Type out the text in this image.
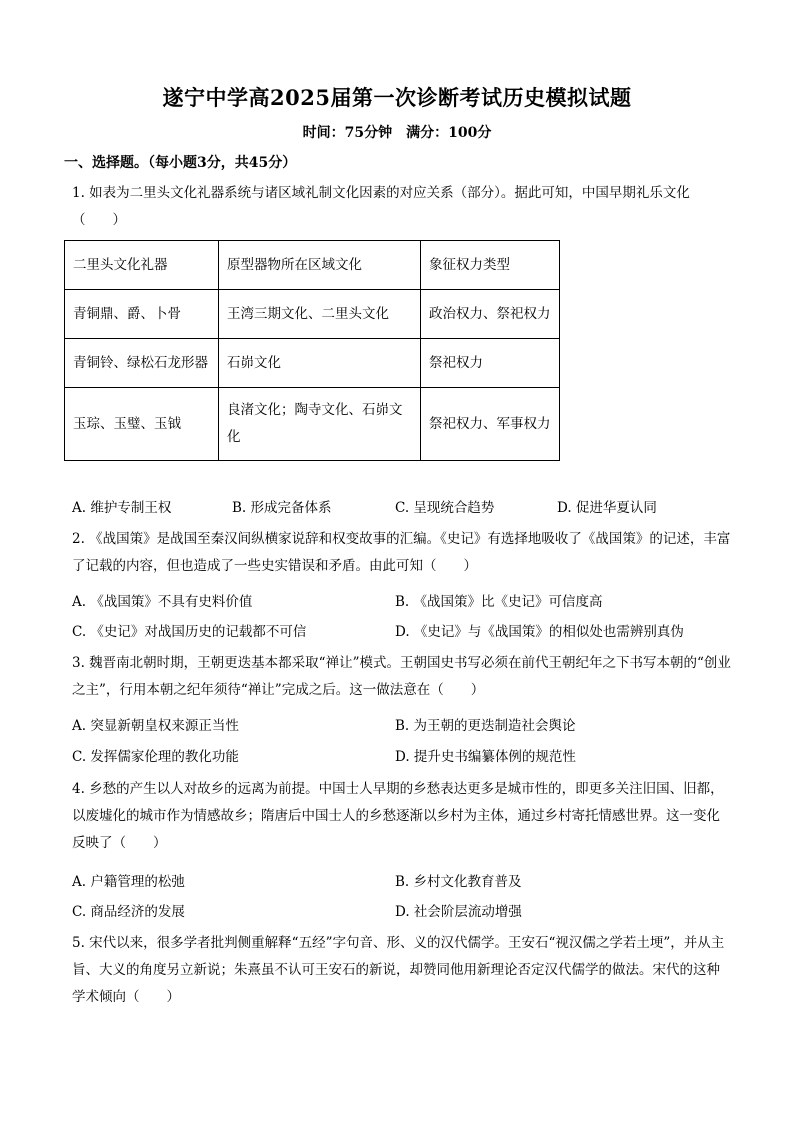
遂宁中学高2025届第一次诊断考试历史模拟试题
时间：75分钟　满分：100分
一、选择题。（每小题3分，共45分）
1. 如表为二里头文化礼器系统与诸区域礼制文化因素的对应关系（部分）。据此可知，中国早期礼乐文化（　　）
二里头文化礼器	原型器物所在区域文化	象征权力类型
青铜鼎、爵、卜骨	王湾三期文化、二里头文化	政治权力、祭祀权力
青铜铃、绿松石龙形器	石峁文化	祭祀权力
玉琮、玉璧、玉钺	良渚文化；陶寺文化、石峁文化	祭祀权力、军事权力
A. 维护专制王权	B. 形成完备体系	C. 呈现统合趋势	D. 促进华夏认同
2. 《战国策》是战国至秦汉间纵横家说辞和权变故事的汇编。《史记》有选择地吸收了《战国策》的记述，丰富了记载的内容，但也造成了一些史实错误和矛盾。由此可知（　　）
A. 《战国策》不具有史料价值	B. 《战国策》比《史记》可信度高
C. 《史记》对战国历史的记载都不可信	D. 《史记》与《战国策》的相似处也需辨别真伪
3. 魏晋南北朝时期，王朝更迭基本都采取“禅让”模式。王朝国史书写必须在前代王朝纪年之下书写本朝的“创业之主”，行用本朝之纪年须待“禅让”完成之后。这一做法意在（　　）
A. 突显新朝皇权来源正当性	B. 为王朝的更迭制造社会舆论
C. 发挥儒家伦理的教化功能	D. 提升史书编纂体例的规范性
4. 乡愁的产生以人对故乡的远离为前提。中国士人早期的乡愁表达更多是城市性的，即更多关注旧国、旧都，以废墟化的城市作为情感故乡；隋唐后中国士人的乡愁逐渐以乡村为主体，通过乡村寄托情感世界。这一变化反映了（　　）
A. 户籍管理的松弛	B. 乡村文化教育普及
C. 商品经济的发展	D. 社会阶层流动增强
5. 宋代以来，很多学者批判侧重解释“五经”字句音、形、义的汉代儒学。王安石“视汉儒之学若土埂”，并从主旨、大义的角度另立新说；朱熹虽不认可王安石的新说，却赞同他用新理论否定汉代儒学的做法。宋代的这种学术倾向（　　）
